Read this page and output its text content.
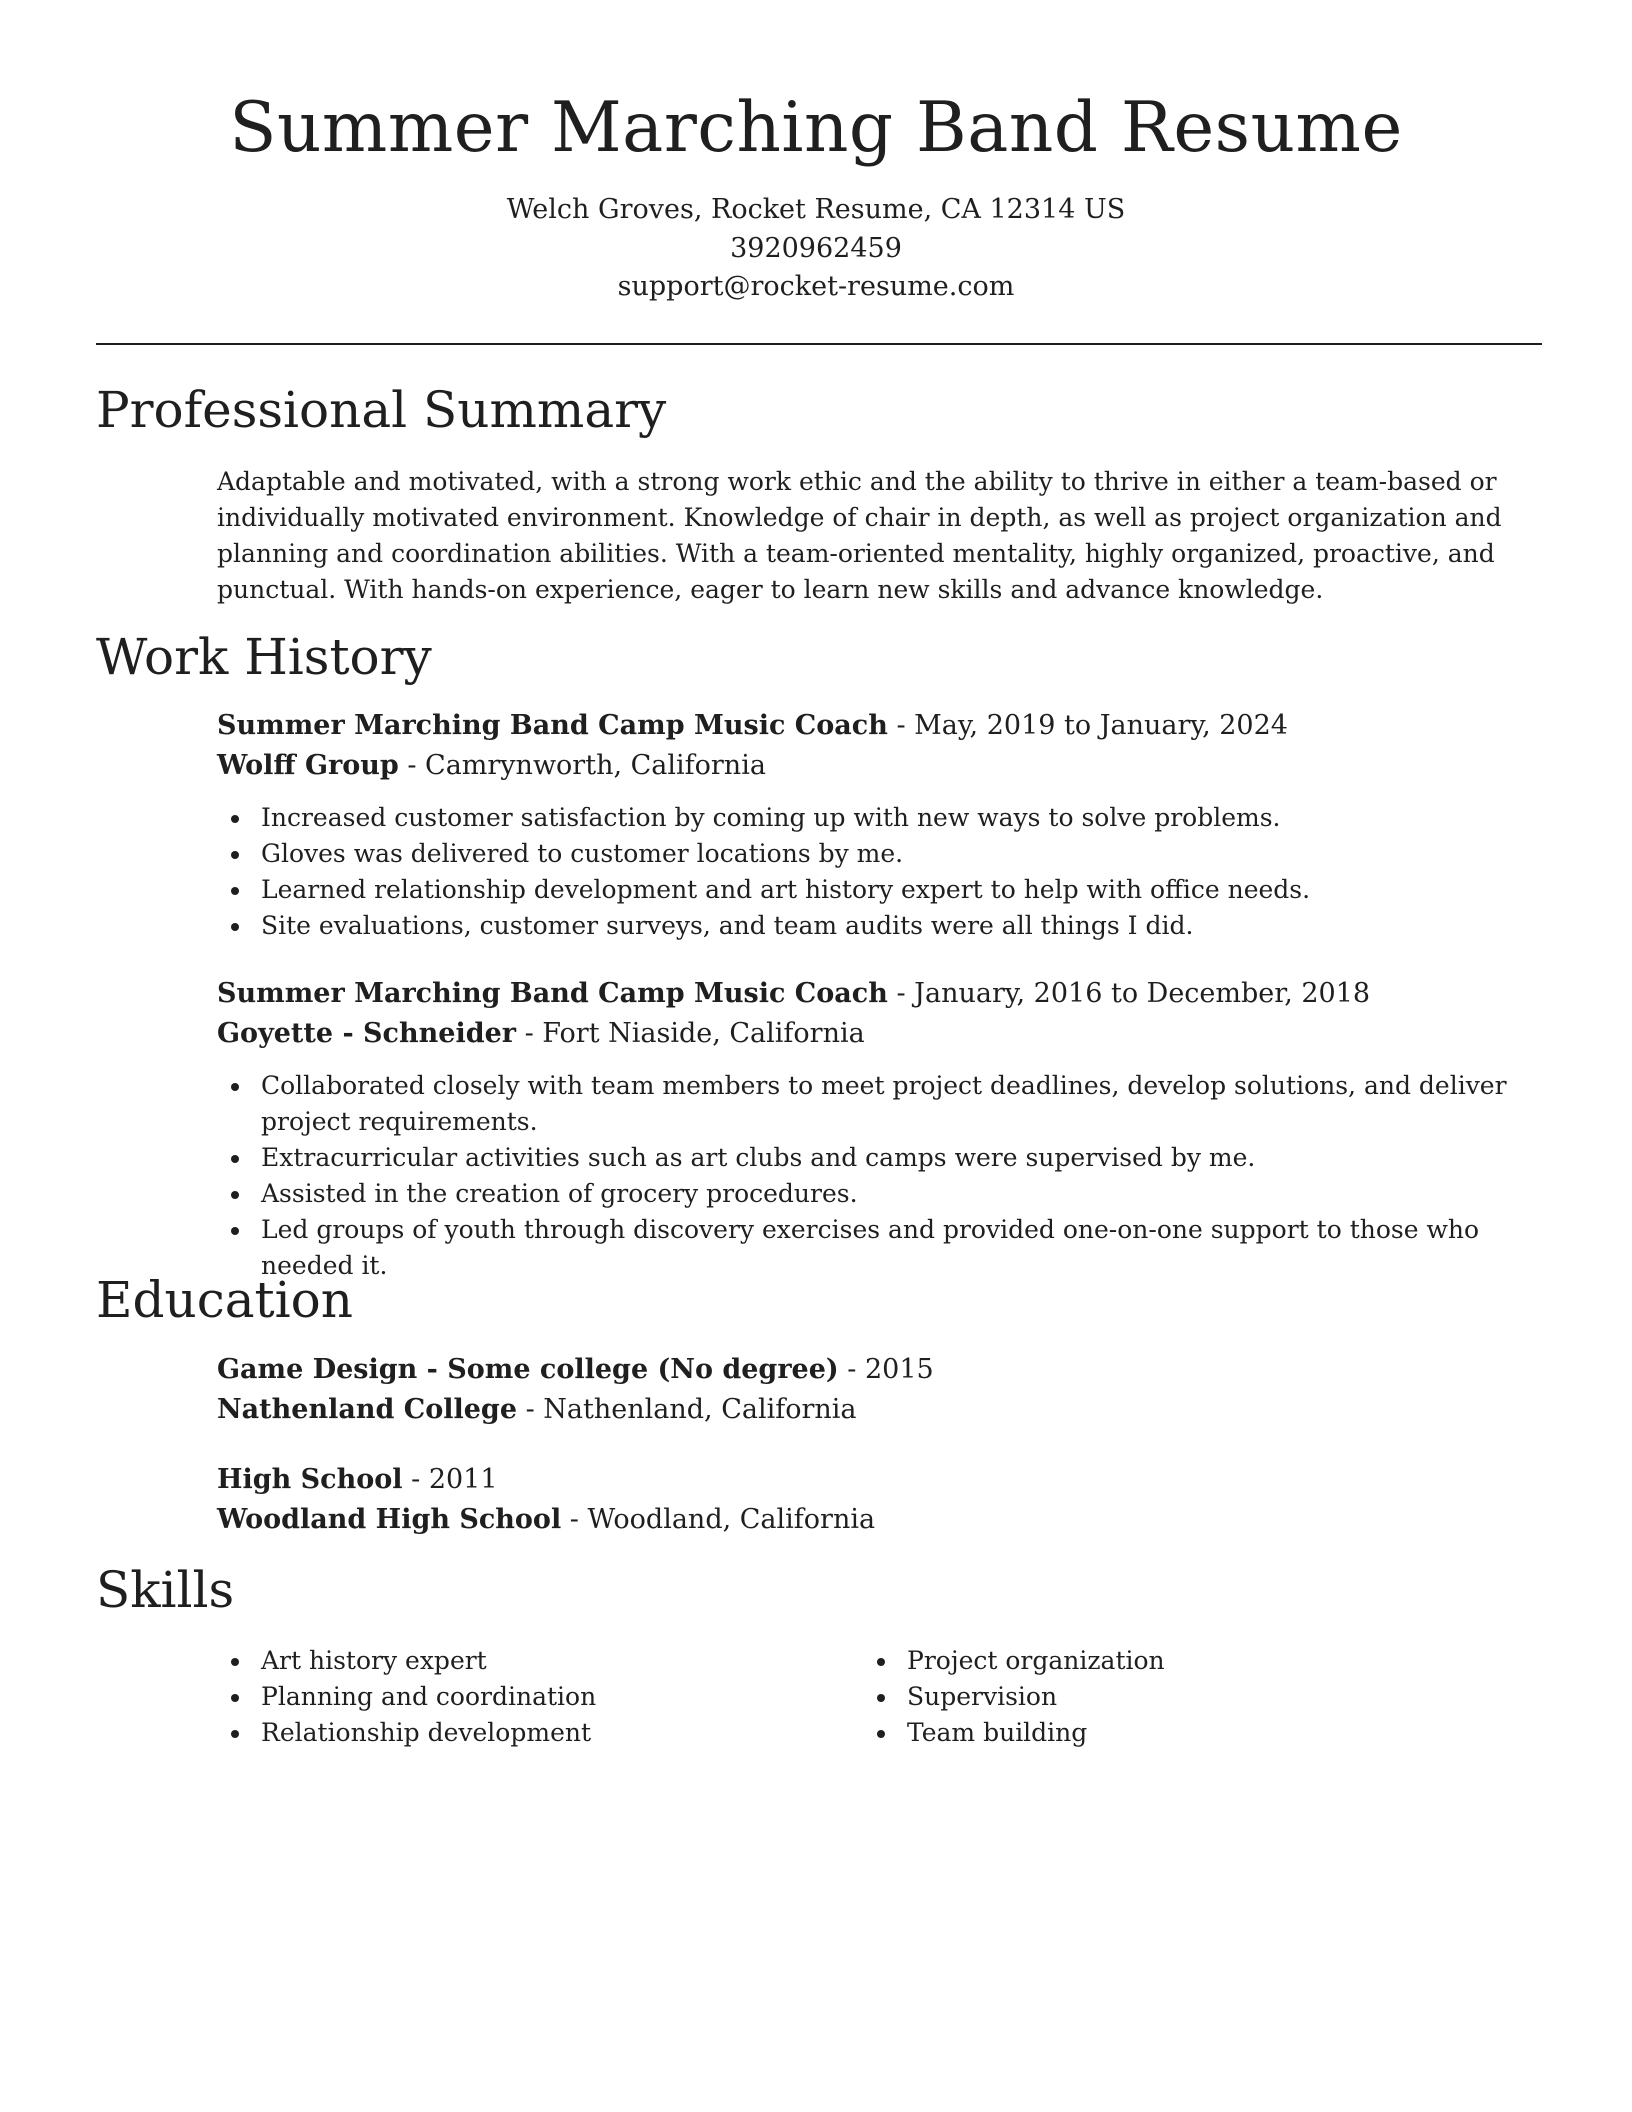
Summer Marching Band Resume
Welch Groves, Rocket Resume, CA 12314 US
3920962459
support@rocket-resume.com
Professional Summary

Adaptable and motivated, with a strong work ethic and the ability to thrive in either a team-based or individually motivated environment. Knowledge of chair in depth, as well as project organization and planning and coordination abilities. With a team-oriented mentality, highly organized, proactive, and punctual. With hands-on experience, eager to learn new skills and advance knowledge.

Work History
Summer Marching Band Camp Music Coach - May, 2019 to January, 2024
Wolff Group - Camrynworth, California
Increased customer satisfaction by coming up with new ways to solve problems.
Gloves was delivered to customer locations by me.
Learned relationship development and art history expert to help with office needs.
Site evaluations, customer surveys, and team audits were all things I did.
Summer Marching Band Camp Music Coach - January, 2016 to December, 2018
Goyette - Schneider - Fort Niaside, California
Collaborated closely with team members to meet project deadlines, develop solutions, and deliver project requirements.
Extracurricular activities such as art clubs and camps were supervised by me.
Assisted in the creation of grocery procedures.
Led groups of youth through discovery exercises and provided one-on-one support to those who needed it.
Education
Game Design - Some college (No degree) - 2015
Nathenland College - Nathenland, California
High School - 2011
Woodland High School - Woodland, California
Skills
Art history expert
Planning and coordination
Relationship development
Project organization
Supervision
Team building
